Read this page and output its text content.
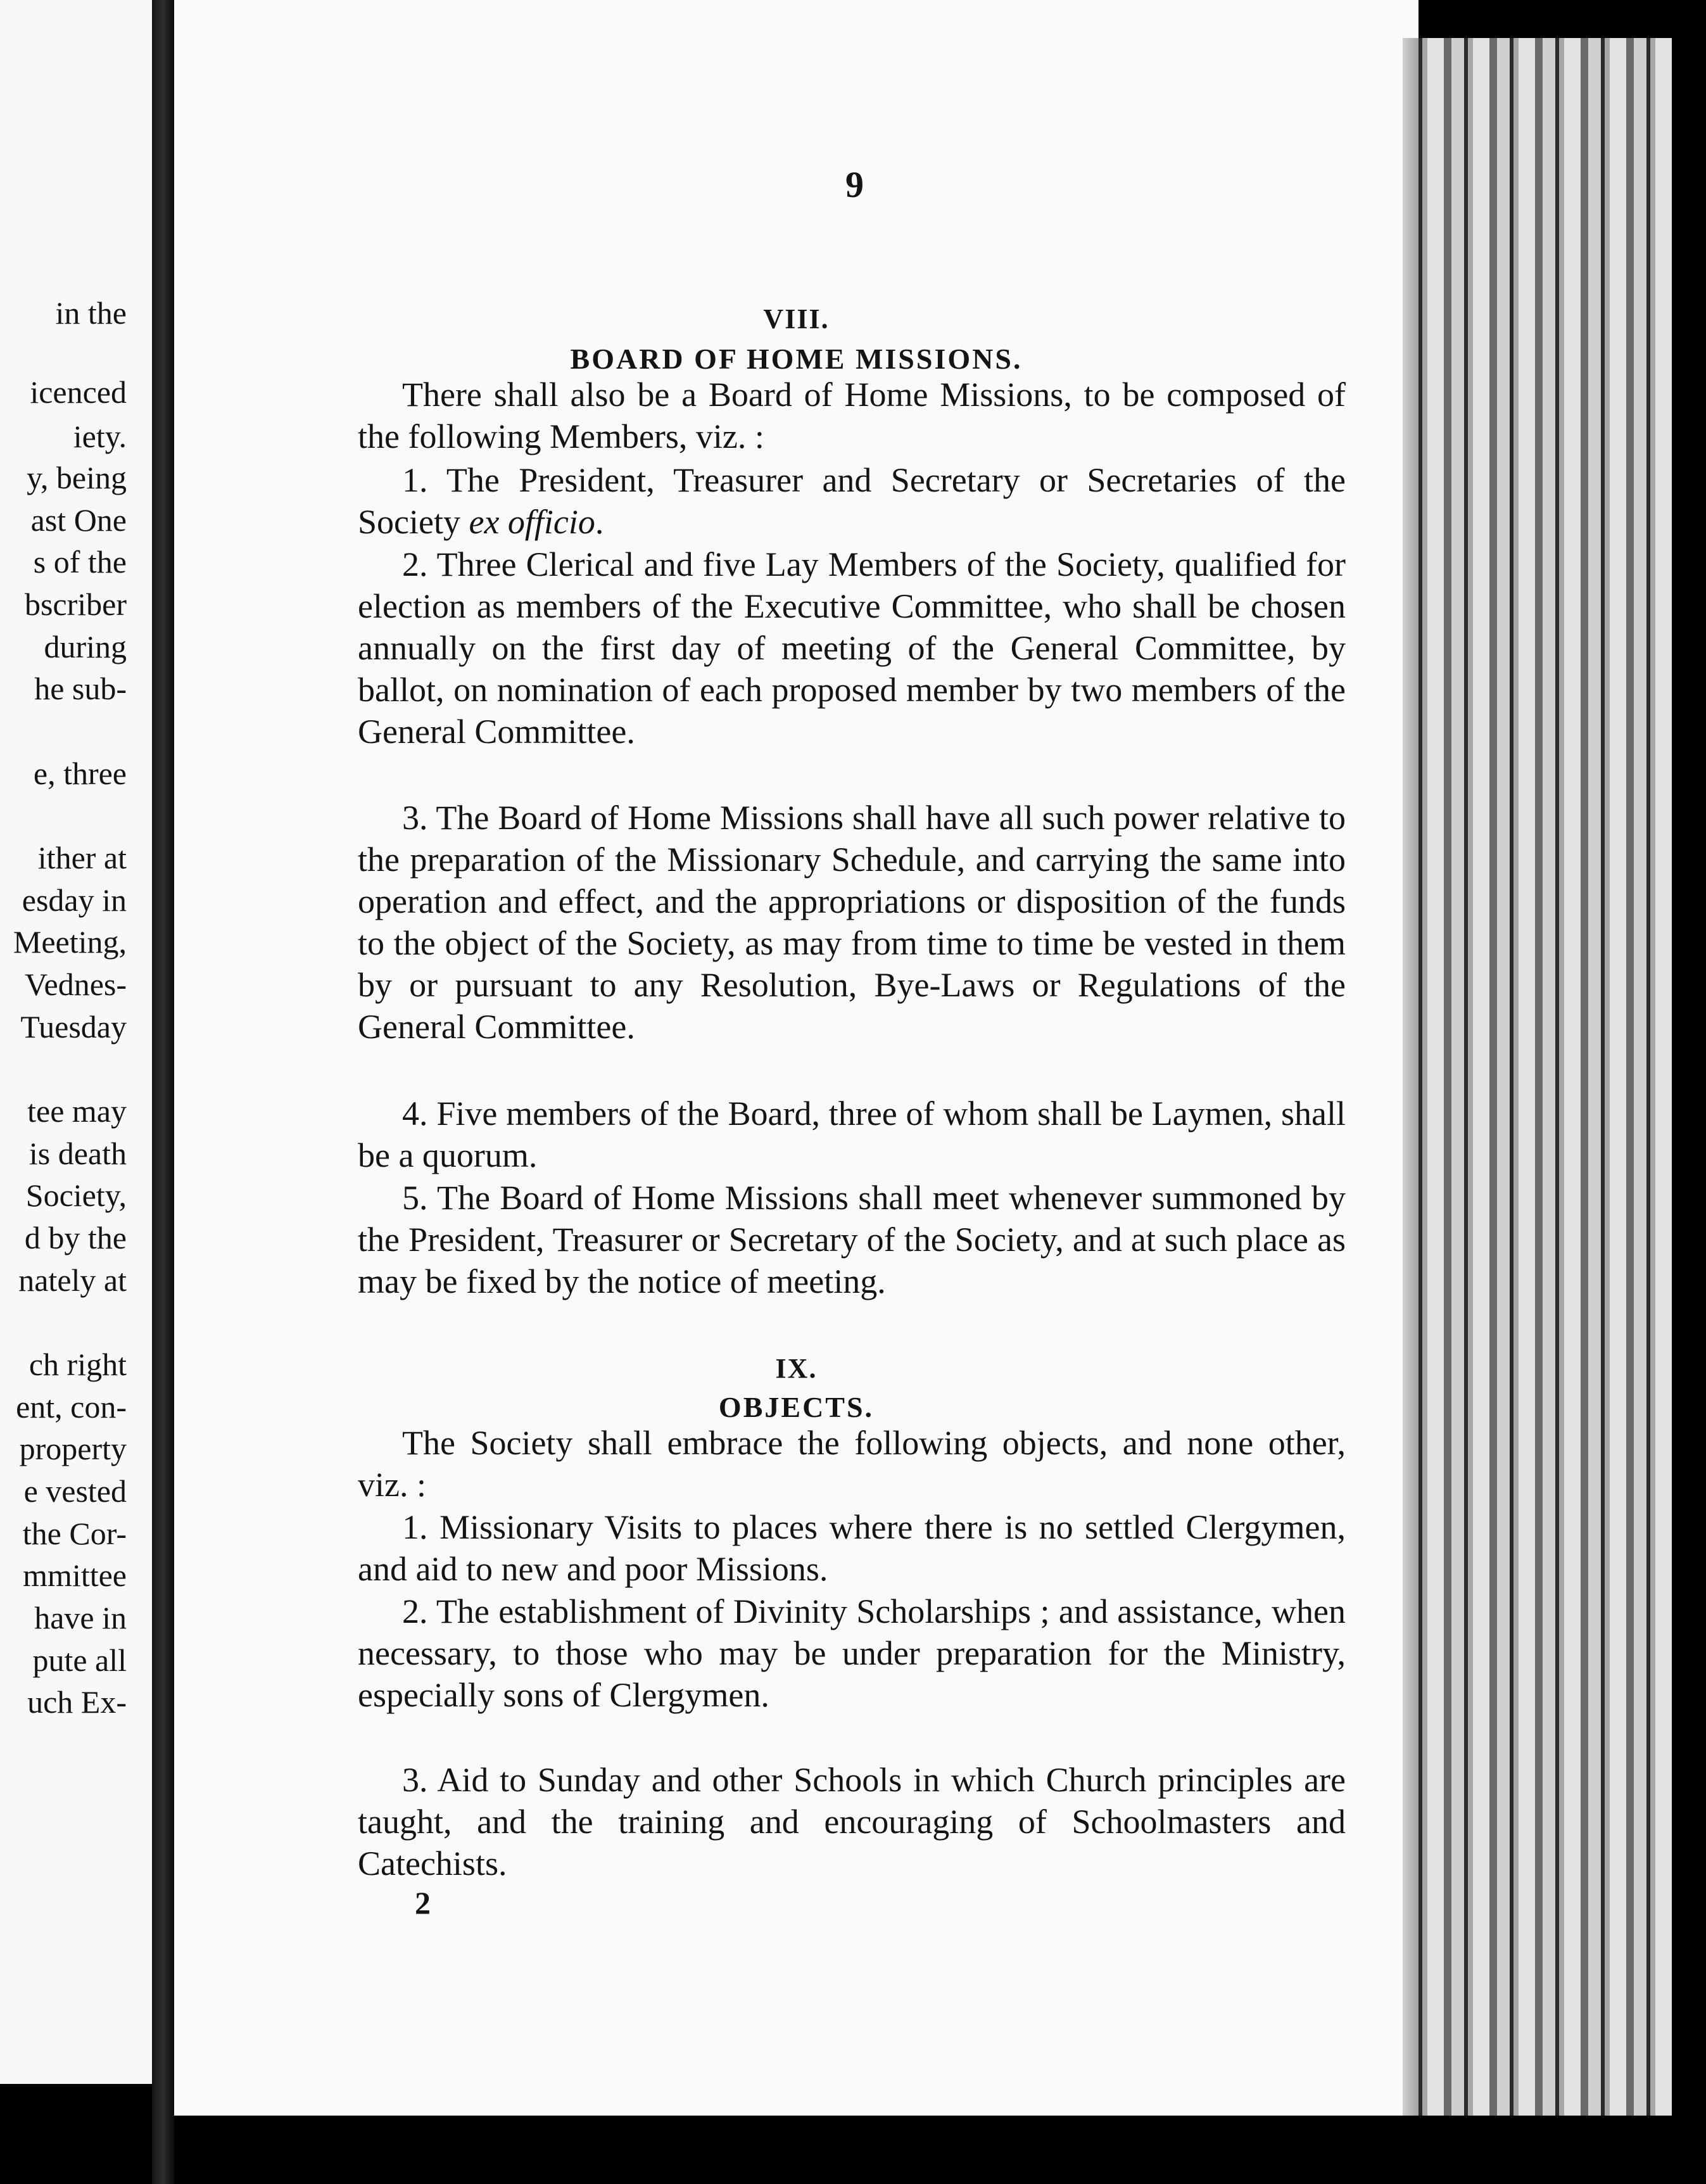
in the
icenced
iety.
y, being
ast One
s of the
bscriber
during
he sub-
e, three
ither at
esday in
Meeting,
Vednes-
Tuesday
tee may
is death
Society,
d by the
nately at
ch right
ent, con-
property
e vested
the Cor-
mmittee
have in
pute all
uch Ex-
9
VIII.
BOARD OF HOME MISSIONS.
There shall also be a Board of Home Missions, to be composed of the following Members, viz. :
1. The President, Treasurer and Secretary or Secretaries of the Society ex officio.
2. Three Clerical and five Lay Members of the Society, qualified for election as members of the Executive Committee, who shall be chosen annually on the first day of meeting of the General Committee, by ballot, on nomination of each proposed member by two members of the General Committee.
3. The Board of Home Missions shall have all such power relative to the preparation of the Missionary Schedule, and carrying the same into operation and effect, and the appropriations or disposition of the funds to the object of the Society, as may from time to time be vested in them by or pursuant to any Resolution, Bye-Laws or Regulations of the General Committee.
4. Five members of the Board, three of whom shall be Laymen, shall be a quorum.
5. The Board of Home Missions shall meet whenever summoned by the President, Treasurer or Secretary of the Society, and at such place as may be fixed by the notice of meeting.
IX.
OBJECTS.
The Society shall embrace the following objects, and none other, viz. :
1. Missionary Visits to places where there is no settled Clergymen, and aid to new and poor Missions.
2. The establishment of Divinity Scholarships ; and assistance, when necessary, to those who may be under preparation for the Ministry, especially sons of Clergymen.
3. Aid to Sunday and other Schools in which Church principles are taught, and the training and encouraging of Schoolmasters and Catechists.
2
